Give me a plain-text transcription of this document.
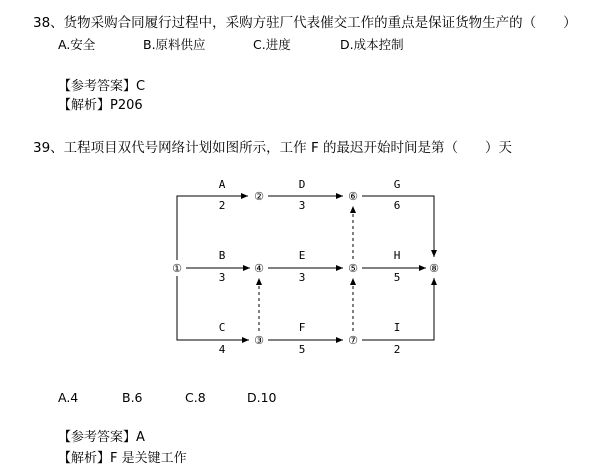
38、货物采购合同履行过程中，采购方驻厂代表催交工作的重点是保证货物生产的（　　）
A.安全	B.原料供应	C.进度	D.成本控制
【参考答案】C
【解析】P206
39、工程项目双代号网络计划如图所示，工作 F 的最迟开始时间是第（　　）天
①
②
③
④	⑤
⑥
⑦
⑧
A
2
D
3
G
6
B
3
E
3
H
5
C
4
F
5
I
2
A.4	B.6	C.8	D.10
【参考答案】A
【解析】F 是关键工作
